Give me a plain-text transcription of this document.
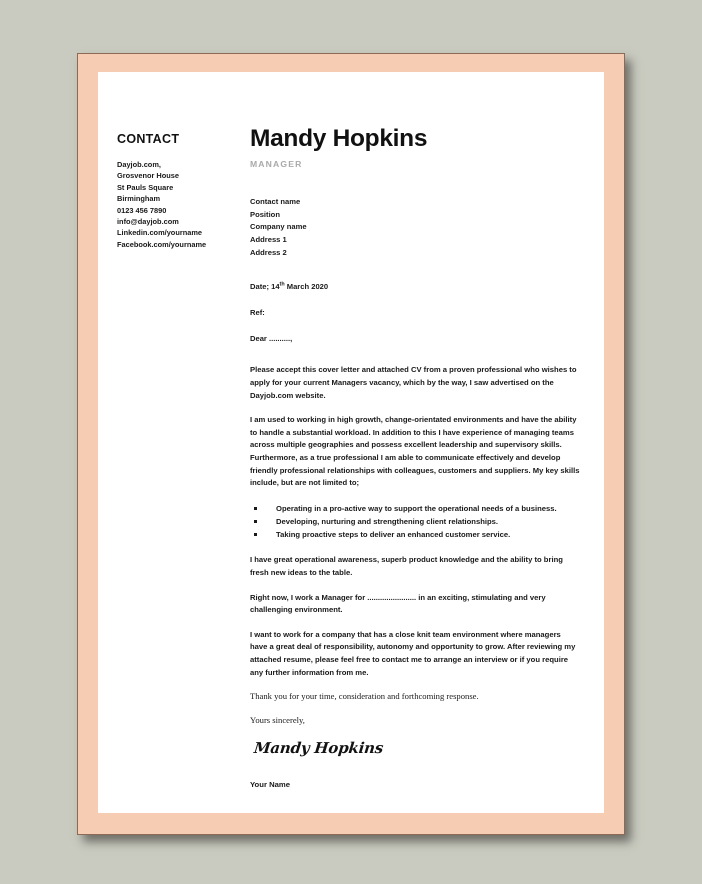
CONTACT
Dayjob.com,
Grosvenor House
St Pauls Square
Birmingham
0123 456 7890
info@dayjob.com
Linkedin.com/yourname
Facebook.com/yourname
Mandy Hopkins
MANAGER
Contact name
Position
Company name
Address 1
Address 2
Date; 14th March 2020
Ref:
Dear ..........,

Please accept this cover letter and attached CV from a proven professional who wishes to apply for your current Managers vacancy, which by the way, I saw advertised on the Dayjob.com website.

I am used to working in high growth, change-orientated environments and have the ability to handle a substantial workload. In addition to this I have experience of managing teams across multiple geographies and possess excellent leadership and supervisory skills. Furthermore, as a true professional I am able to communicate effectively and develop friendly professional relationships with colleagues, customers and suppliers. My key skills include, but are not limited to;

Operating in a pro-active way to support the operational needs of a business.
Developing, nurturing and strengthening client relationships.
Taking proactive steps to deliver an enhanced customer service.

I have great operational awareness, superb product knowledge and the ability to bring fresh new ideas to the table.

Right now, I work a Manager for ....................... in an exciting, stimulating and very challenging environment.

I want to work for a company that has a close knit team environment where managers have a great deal of responsibility, autonomy and opportunity to grow. After reviewing my attached resume, please feel free to contact me to arrange an interview or if you require any further information from me.

Thank you for your time, consideration and forthcoming response.

Yours sincerely,

Mandy Hopkins
Your Name
